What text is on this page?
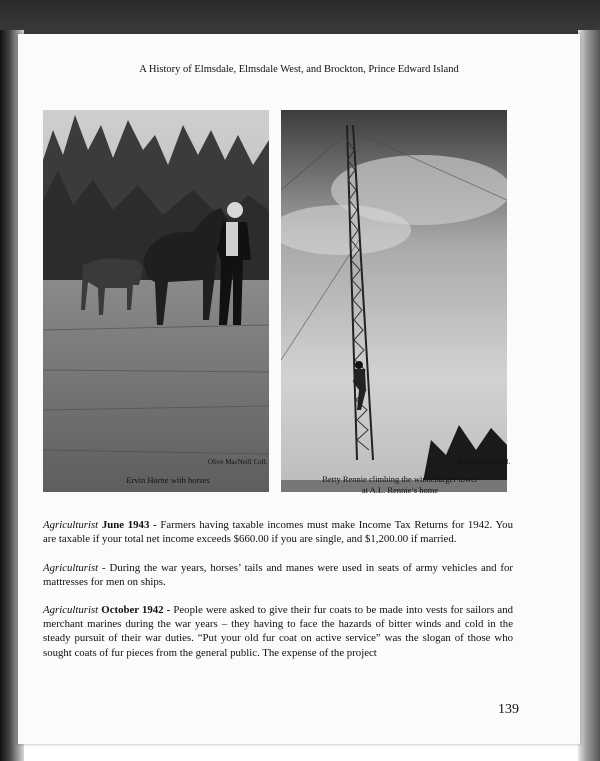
A History of Elmsdale, Elmsdale West, and Brockton, Prince Edward Island
Olive MacNeill Coll.	Betty Rennie Coll.
Ervin Horne with horses	Betty Rennie climbing the windcharger tower
at A.L. Rennie’s home
Agriculturist June 1943 - Farmers having taxable incomes must make Income Tax Returns for 1942. You are taxable if your total net income exceeds $660.00 if you are single, and $1,200.00 if married.
Agriculturist - During the war years, horses’ tails and manes were used in seats of army vehicles and for mattresses for men on ships.
Agriculturist October 1942 - People were asked to give their fur coats to be made into vests for sailors and merchant marines during the war years – they having to face the hazards of bitter winds and cold in the steady pursuit of their war duties. “Put your old fur coat on active service” was the slogan of those who sought coats of fur pieces from the general public. The expense of the project
139
